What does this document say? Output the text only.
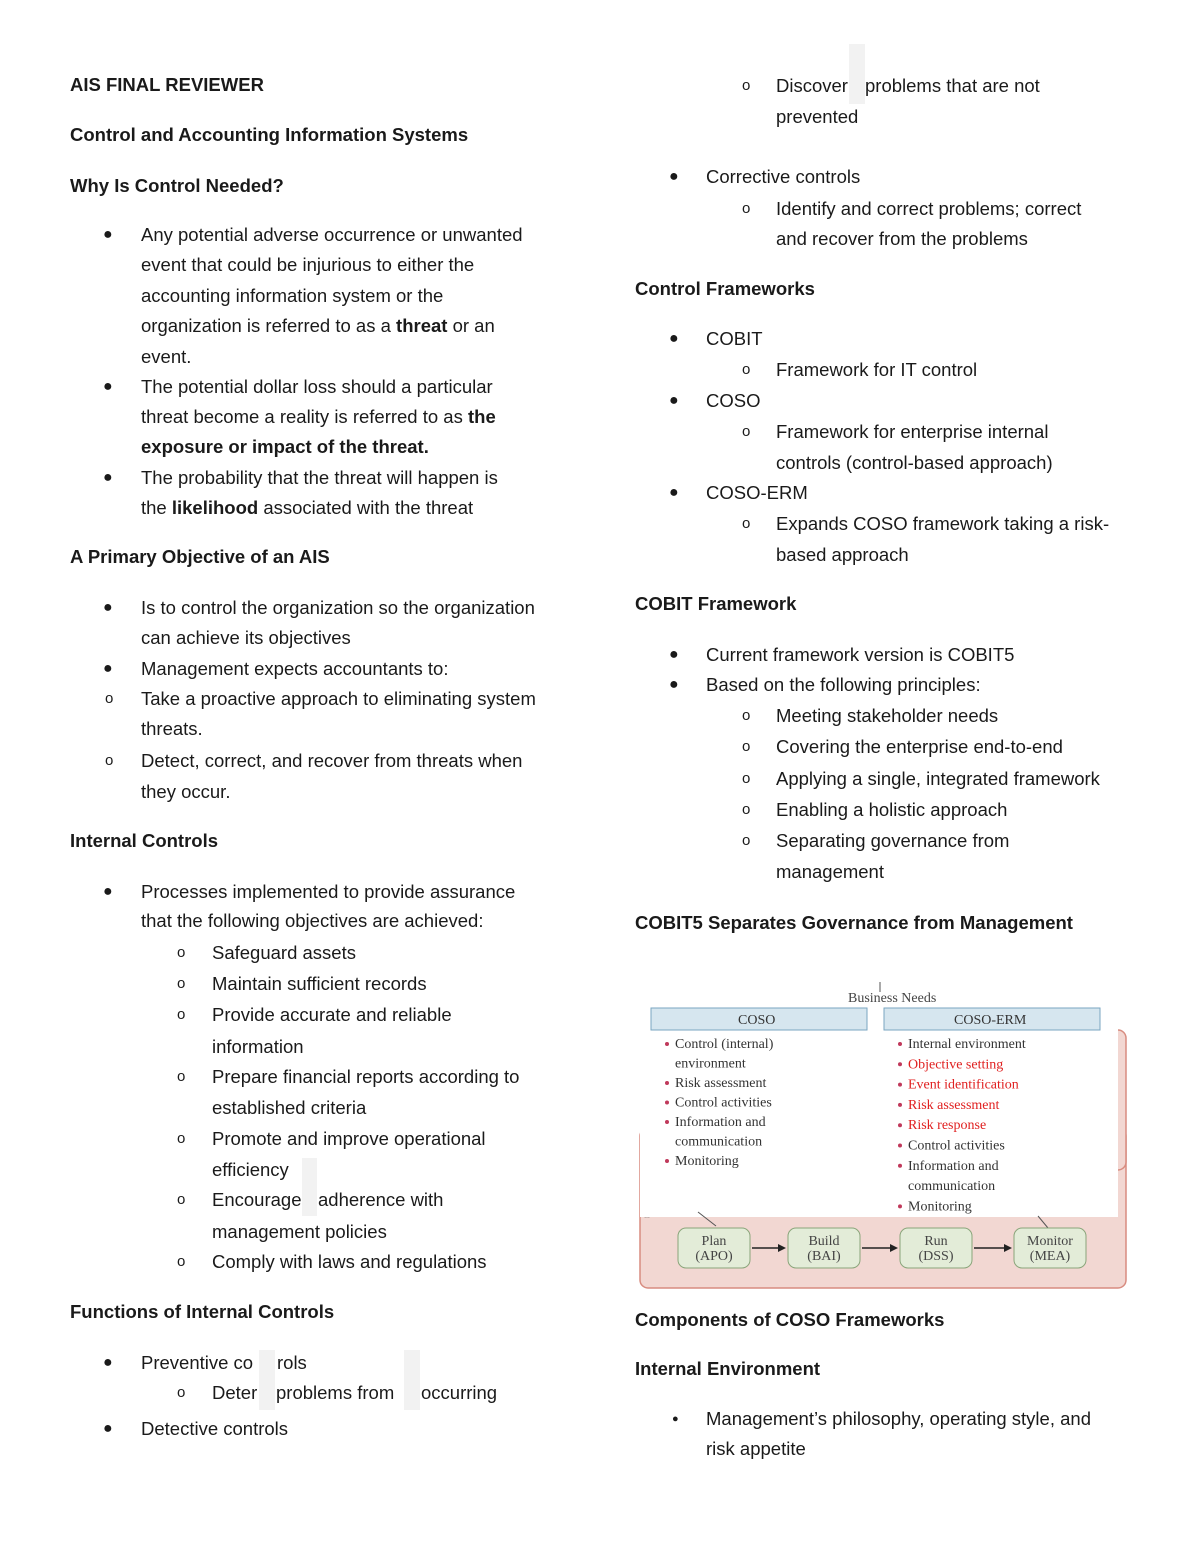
AIS FINAL REVIEWER
Control and Accounting Information Systems
Why Is Control Needed?
● Any potential adverse occurrence or unwanted
event that could be injurious to either the
accounting information system or the
organization is referred to as a threat or an
event.
● The potential dollar loss should a particular
threat become a reality is referred to as the
exposure or impact of the threat.
● The probability that the threat will happen is
the likelihood associated with the threat
A Primary Objective of an AIS
● Is to control the organization so the organization
can achieve its objectives
● Management expects accountants to:
o Take a proactive approach to eliminating system
threats.
o Detect, correct, and recover from threats when
they occur.
Internal Controls
● Processes implemented to provide assurance
that the following objectives are achieved:
o Safeguard assets
o Maintain sufficient records
o Provide accurate and reliable
information
o Prepare financial reports according to
established criteria
o Promote and improve operational
efficiency
o Encourage adherence with
management policies
o Comply with laws and regulations
Functions of Internal Controls
● Preventive co rols
o Deter problems from occurring
● Detective controls
o Discover problems that are not
prevented
● Corrective controls
o Identify and correct problems; correct
and recover from the problems
Control Frameworks
● COBIT
o Framework for IT control
● COSO
o Framework for enterprise internal
controls (control-based approach)
● COSO-ERM
o Expands COSO framework taking a risk-
based approach
COBIT Framework
● Current framework version is COBIT5
● Based on the following principles:
o Meeting stakeholder needs
o Covering the enterprise end-to-end
o Applying a single, integrated framework
o Enabling a holistic approach
o Separating governance from
management
COBIT5 Separates Governance from Management
Business Needs
COSO	COSO-ERM
Control (internal)
environment
Risk assessment
Control activities
Information and
communication
Monitoring
Internal environment
Objective setting
Event identification
Risk assessment
Risk response
Control activities
Information and
communication
Monitoring
…
Plan
(APO)
Build
(BAI)
Run
(DSS)
Monitor
(MEA)
Components of COSO Frameworks
Internal Environment
● Management’s philosophy, operating style, and
risk appetite
